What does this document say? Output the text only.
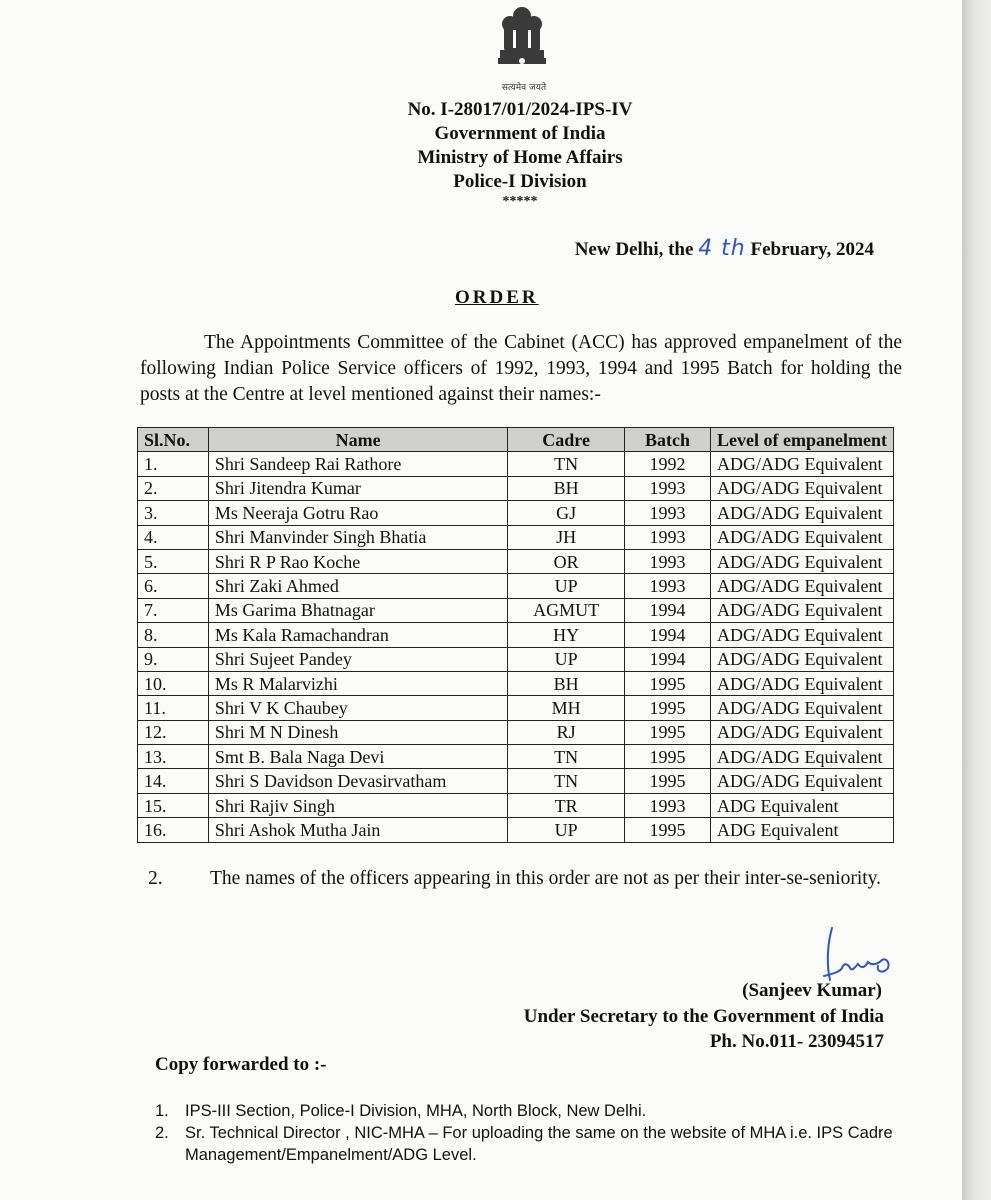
सत्यमेव जयते
No. I-28017/01/2024-IPS-IV
Government of India
Ministry of Home Affairs
Police-I Division
*****
New Delhi, the 4 th February, 2024
ORDER
The Appointments Committee of the Cabinet (ACC) has approved empanelment of the following Indian Police Service officers of 1992, 1993, 1994 and 1995 Batch for holding the posts at the Centre at level mentioned against their names:-
Sl.No.	Name	Cadre	Batch	Level of empanelment
1.	Shri Sandeep Rai Rathore	TN	1992	ADG/ADG Equivalent
2.	Shri Jitendra Kumar	BH	1993	ADG/ADG Equivalent
3.	Ms Neeraja Gotru Rao	GJ	1993	ADG/ADG Equivalent
4.	Shri Manvinder Singh Bhatia	JH	1993	ADG/ADG Equivalent
5.	Shri R P Rao Koche	OR	1993	ADG/ADG Equivalent
6.	Shri Zaki Ahmed	UP	1993	ADG/ADG Equivalent
7.	Ms Garima Bhatnagar	AGMUT	1994	ADG/ADG Equivalent
8.	Ms Kala Ramachandran	HY	1994	ADG/ADG Equivalent
9.	Shri Sujeet Pandey	UP	1994	ADG/ADG Equivalent
10.	Ms R Malarvizhi	BH	1995	ADG/ADG Equivalent
11.	Shri V K Chaubey	MH	1995	ADG/ADG Equivalent
12.	Shri M N Dinesh	RJ	1995	ADG/ADG Equivalent
13.	Smt B. Bala Naga Devi	TN	1995	ADG/ADG Equivalent
14.	Shri S Davidson Devasirvatham	TN	1995	ADG/ADG Equivalent
15.	Shri Rajiv Singh	TR	1993	ADG Equivalent
16.	Shri Ashok Mutha Jain	UP	1995	ADG Equivalent
2. The names of the officers appearing in this order are not as per their inter-se-seniority.
(Sanjeev Kumar)
Under Secretary to the Government of India
Ph. No.011- 23094517
Copy forwarded to :-
1. IPS-III Section, Police-I Division, MHA, North Block, New Delhi.
2. Sr. Technical Director , NIC-MHA – For uploading the same on the website of MHA i.e. IPS Cadre Management/Empanelment/ADG Level.
